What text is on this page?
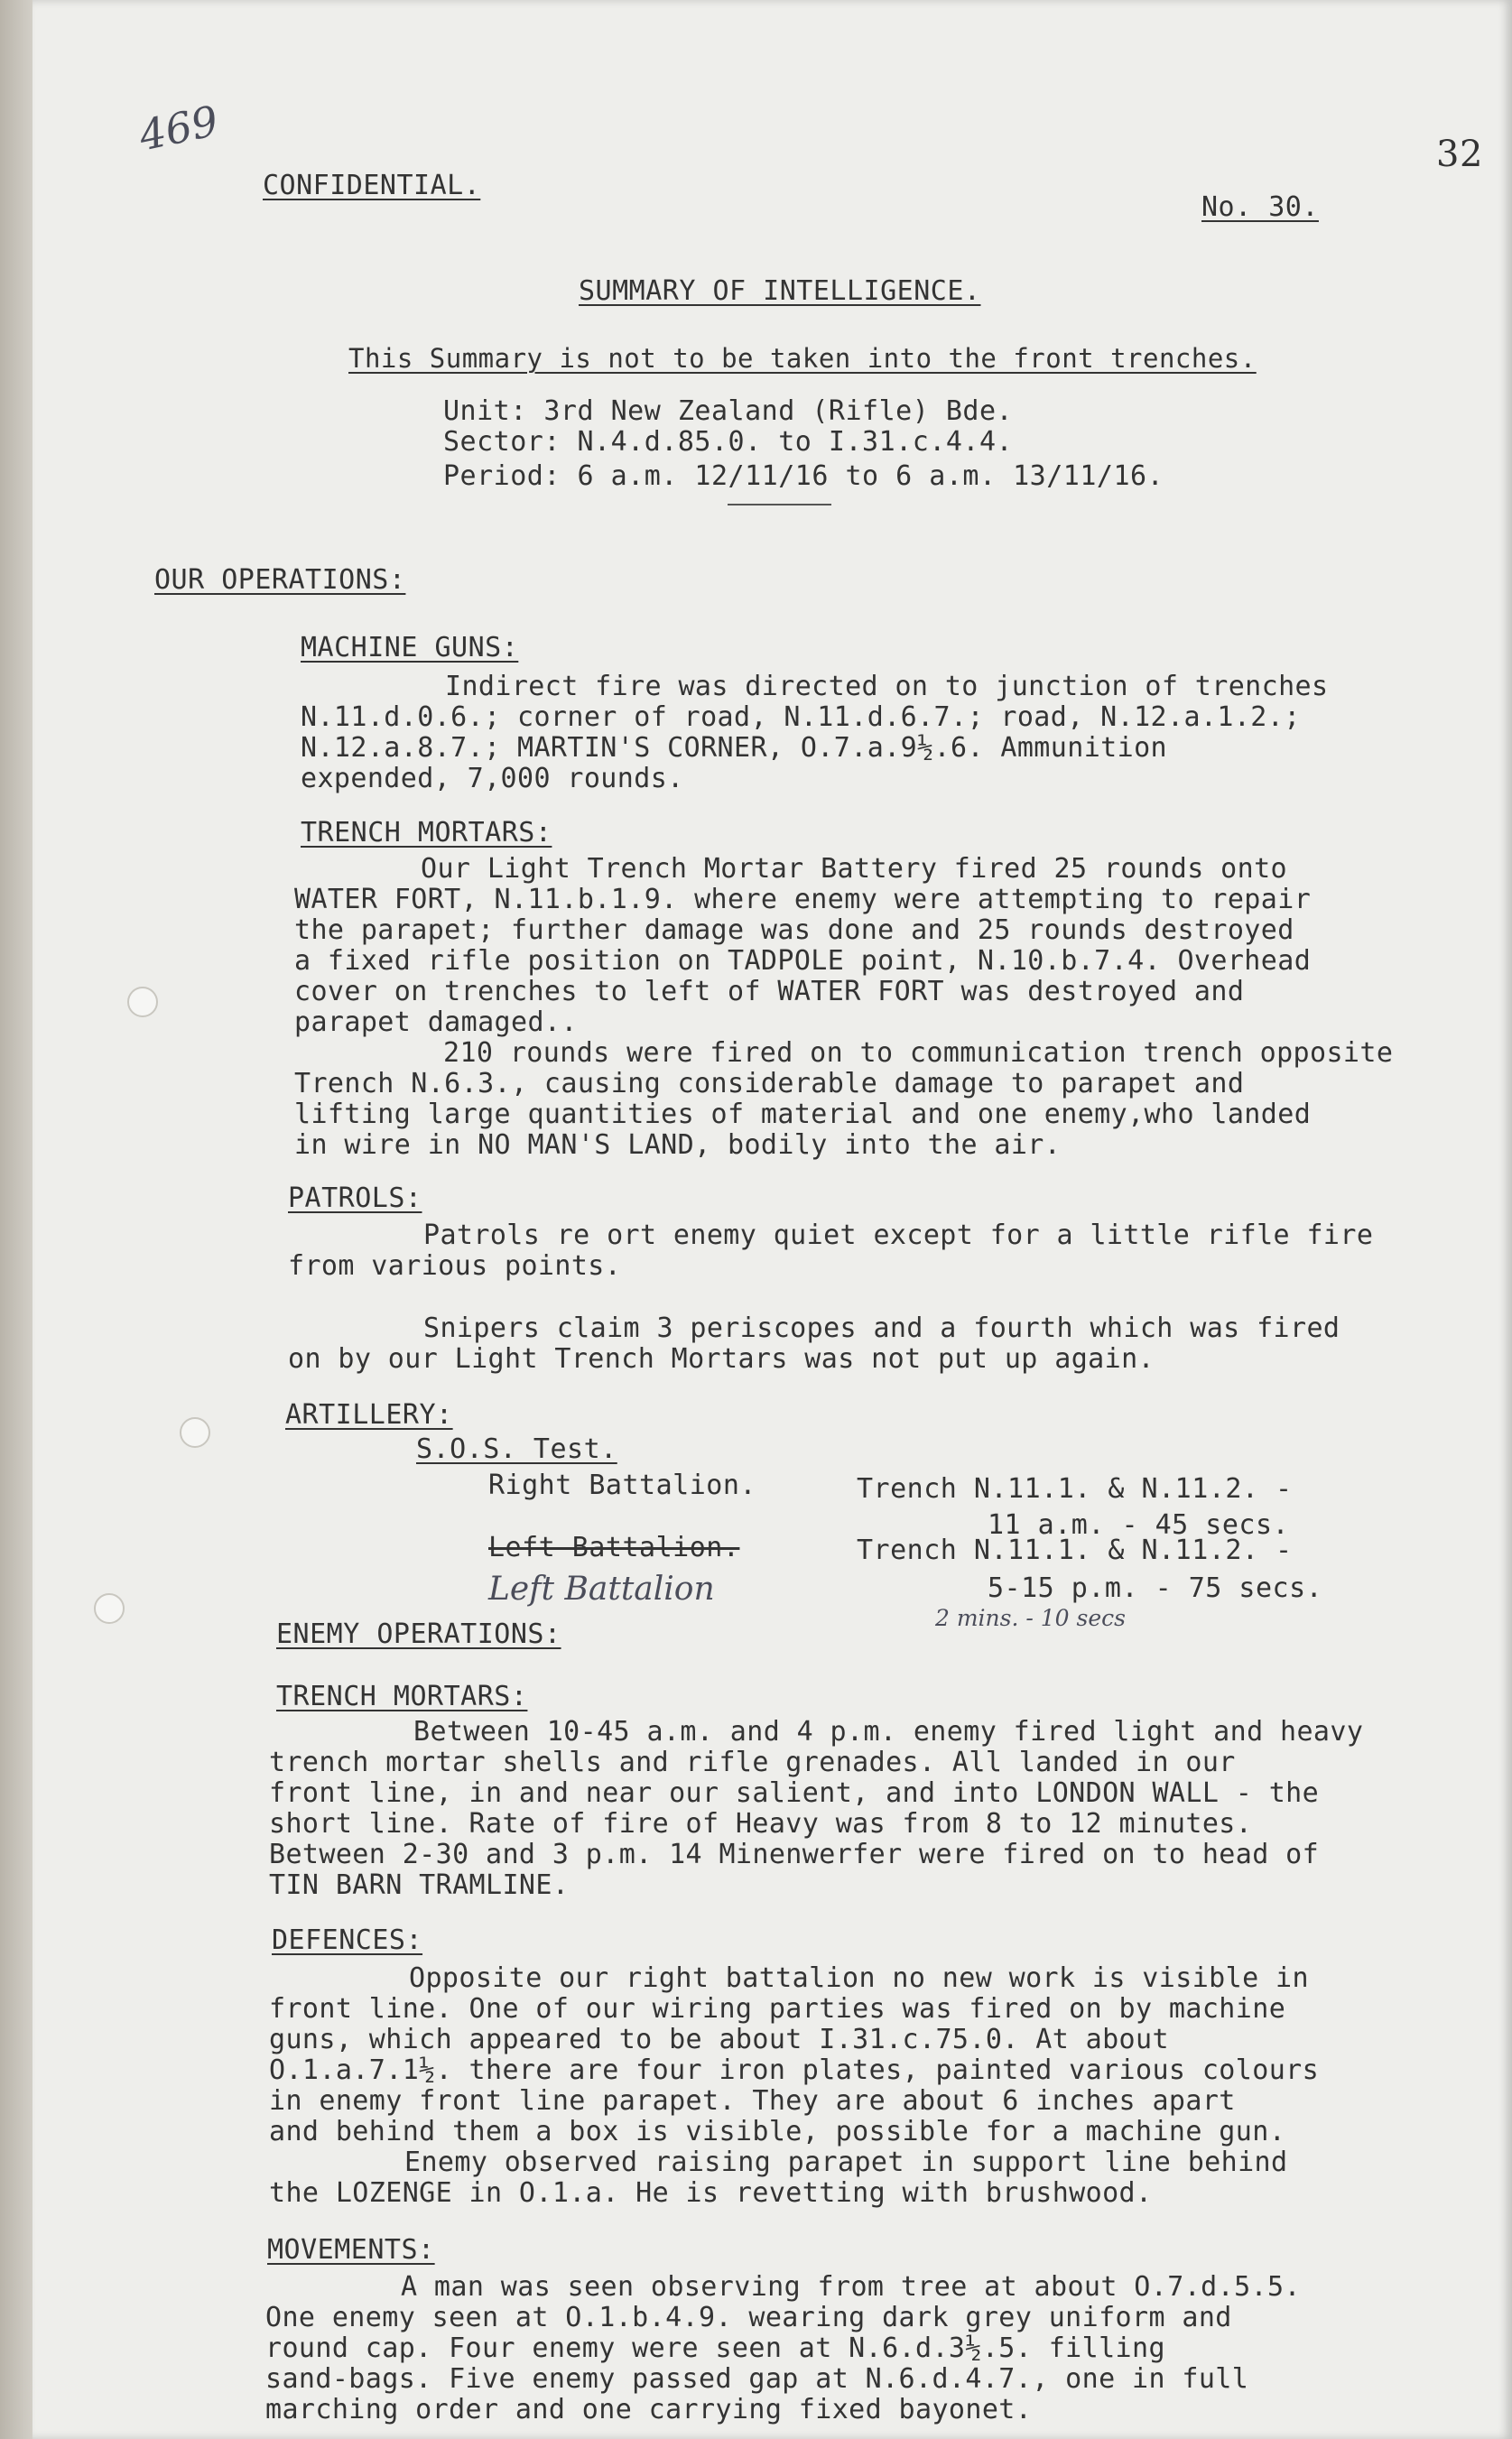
469	32
CONFIDENTIAL.
No. 30.
SUMMARY OF INTELLIGENCE.
This Summary is not to be taken into the front trenches.
Unit: 3rd New Zealand (Rifle) Bde.
Sector: N.4.d.85.0. to I.31.c.4.4.
Period: 6 a.m. 12/11/16 to 6 a.m. 13/11/16.
OUR OPERATIONS:
MACHINE GUNS:
Indirect fire was directed on to junction of trenches
N.11.d.0.6.; corner of road, N.11.d.6.7.; road, N.12.a.1.2.;
N.12.a.8.7.; MARTIN'S CORNER, O.7.a.9½.6. Ammunition
expended, 7,000 rounds.
TRENCH MORTARS:
Our Light Trench Mortar Battery fired 25 rounds onto
WATER FORT, N.11.b.1.9. where enemy were attempting to repair
the parapet; further damage was done and 25 rounds destroyed
a fixed rifle position on TADPOLE point, N.10.b.7.4. Overhead
cover on trenches to left of WATER FORT was destroyed and
parapet damaged..
210 rounds were fired on to communication trench opposite
Trench N.6.3., causing considerable damage to parapet and
lifting large quantities of material and one enemy,who landed
in wire in NO MAN'S LAND, bodily into the air.
PATROLS:
Patrols re ort enemy quiet except for a little rifle fire
from various points.
Snipers claim 3 periscopes and a fourth which was fired
on by our Light Trench Mortars was not put up again.
ARTILLERY:
S.O.S. Test.
Right Battalion.	Trench N.11.1. & N.11.2. -
11 a.m. - 45 secs.
Left Battalion.	Trench N.11.1. & N.11.2. -
5-15 p.m. - 75 secs.
Left Battalion
2 mins. - 10 secs
ENEMY OPERATIONS:
TRENCH MORTARS:
Between 10-45 a.m. and 4 p.m. enemy fired light and heavy
trench mortar shells and rifle grenades. All landed in our
front line, in and near our salient, and into LONDON WALL - the
short line. Rate of fire of Heavy was from 8 to 12 minutes.
Between 2-30 and 3 p.m. 14 Minenwerfer were fired on to head of
TIN BARN TRAMLINE.
DEFENCES:
Opposite our right battalion no new work is visible in
front line. One of our wiring parties was fired on by machine
guns, which appeared to be about I.31.c.75.0. At about
O.1.a.7.1½. there are four iron plates, painted various colours
in enemy front line parapet. They are about 6 inches apart
and behind them a box is visible, possible for a machine gun.
Enemy observed raising parapet in support line behind
the LOZENGE in O.1.a. He is revetting with brushwood.
MOVEMENTS:
A man was seen observing from tree at about O.7.d.5.5.
One enemy seen at O.1.b.4.9. wearing dark grey uniform and
round cap. Four enemy were seen at N.6.d.3½.5. filling
sand-bags. Five enemy passed gap at N.6.d.4.7., one in full
marching order and one carrying fixed bayonet.
